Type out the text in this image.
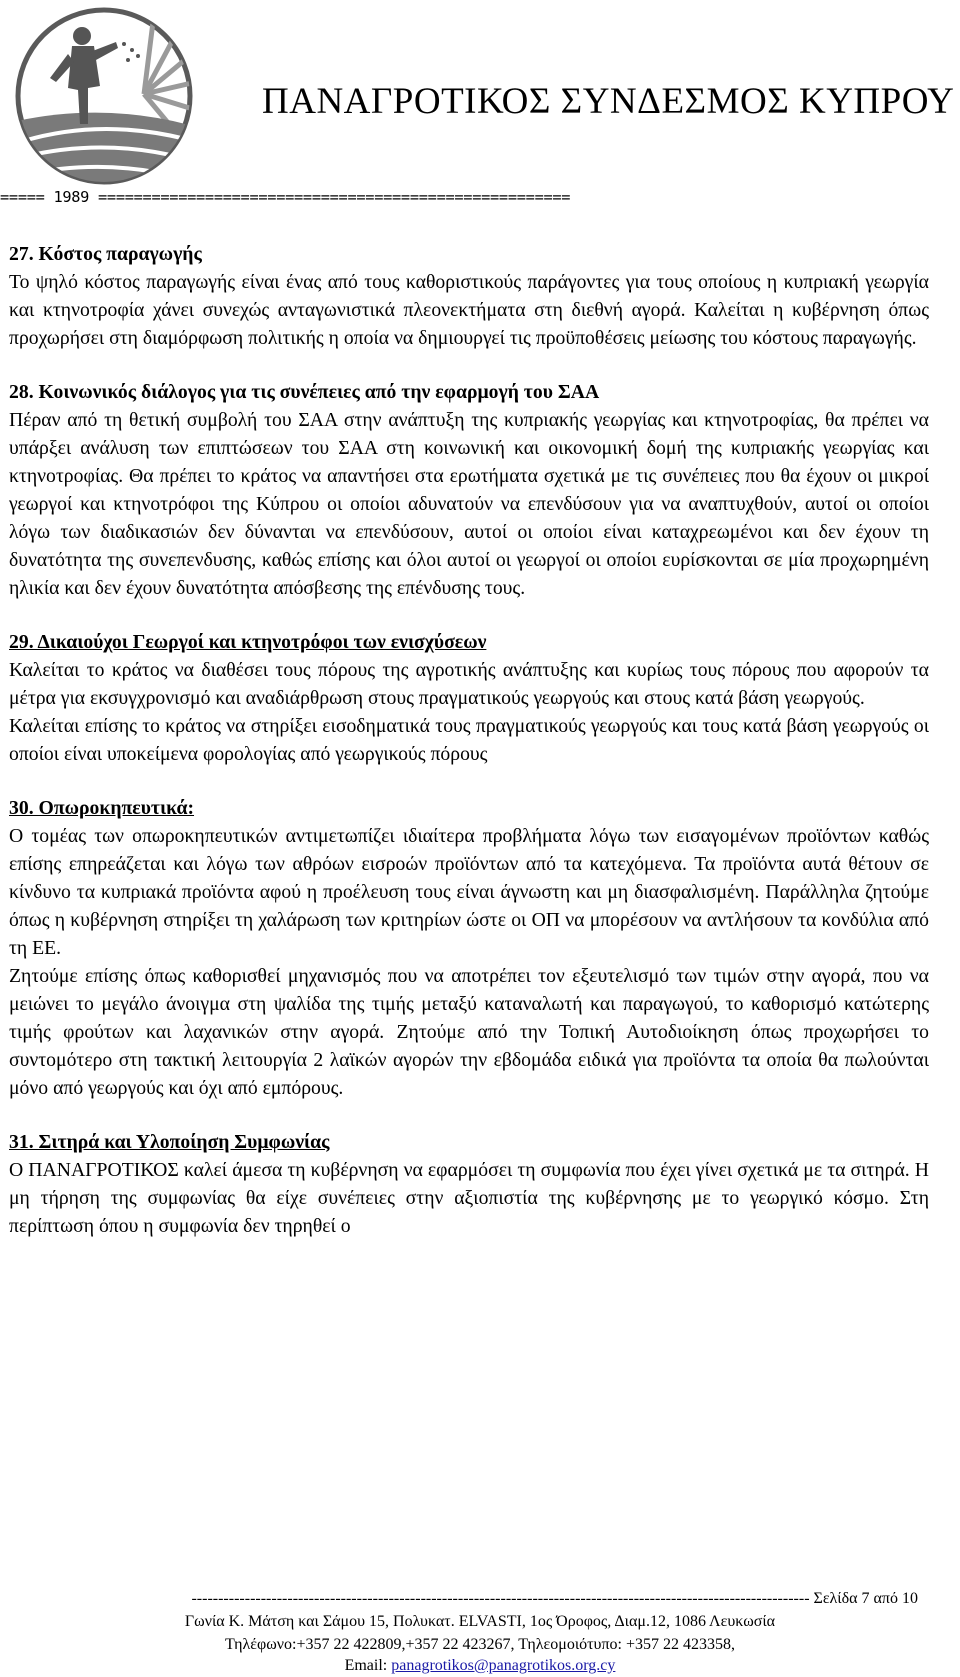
ΠΑΝΑΓΡΟΤΙΚΟΣ ΣΥΝΔΕΣΜΟΣ ΚΥΠΡΟΥ
===== 1989 =====================================================
27. Κόστος παραγωγής

Το ψηλό κόστος παραγωγής είναι ένας από τους καθοριστικούς παράγοντες για τους οποίους η κυπριακή γεωργία και κτηνοτροφία χάνει συνεχώς ανταγωνιστικά πλεονεκτήματα στη διεθνή αγορά. Καλείται η κυβέρνηση όπως προχωρήσει στη διαμόρφωση πολιτικής η οποία να δημιουργεί τις προϋποθέσεις μείωσης του κόστους παραγωγής.

28. Κοινωνικός διάλογος για τις συνέπειες από την εφαρμογή του ΣΑΑ

Πέραν από τη θετική συμβολή του ΣΑΑ στην ανάπτυξη της κυπριακής γεωργίας και κτηνοτροφίας, θα πρέπει να υπάρξει ανάλυση των επιπτώσεων του ΣΑΑ στη κοινωνική και οικονομική δομή της κυπριακής γεωργίας και κτηνοτροφίας. Θα πρέπει το κράτος να απαντήσει στα ερωτήματα σχετικά με τις συνέπειες που θα έχουν οι μικροί γεωργοί και κτηνοτρόφοι της Κύπρου οι οποίοι αδυνατούν να επενδύσουν για να αναπτυχθούν, αυτοί οι οποίοι λόγω των διαδικασιών δεν δύνανται να επενδύσουν, αυτοί οι οποίοι είναι καταχρεωμένοι και δεν έχουν τη δυνατότητα της συνεπενδυσης, καθώς επίσης και όλοι αυτοί οι γεωργοί οι οποίοι ευρίσκονται σε μία προχωρημένη ηλικία και δεν έχουν δυνατότητα απόσβεσης της επένδυσης τους.

29. Δικαιούχοι Γεωργοί και κτηνοτρόφοι των ενισχύσεων

Καλείται το κράτος να διαθέσει τους πόρους της αγροτικής ανάπτυξης και κυρίως τους πόρους που αφορούν τα μέτρα για εκσυγχρονισμό και αναδιάρθρωση στους πραγματικούς γεωργούς και στους κατά βάση γεωργούς.

Καλείται επίσης το κράτος να στηρίξει εισοδηματικά τους πραγματικούς γεωργούς και τους κατά βάση γεωργούς οι οποίοι είναι υποκείμενα φορολογίας από γεωργικούς πόρους

30. Οπωροκηπευτικά:

Ο τομέας των οπωροκηπευτικών αντιμετωπίζει ιδιαίτερα προβλήματα λόγω των εισαγομένων προϊόντων καθώς επίσης επηρεάζεται και λόγω των αθρόων εισροών προϊόντων από τα κατεχόμενα. Τα προϊόντα αυτά θέτουν σε κίνδυνο τα κυπριακά προϊόντα αφού η προέλευση τους είναι άγνωστη και μη διασφαλισμένη. Παράλληλα ζητούμε όπως η κυβέρνηση στηρίξει τη χαλάρωση των κριτηρίων ώστε οι ΟΠ να μπορέσουν να αντλήσουν τα κονδύλια από τη ΕΕ.

Ζητούμε επίσης όπως καθορισθεί μηχανισμός που να αποτρέπει τον εξευτελισμό των τιμών στην αγορά, που να μειώνει το μεγάλο άνοιγμα στη ψαλίδα της τιμής μεταξύ καταναλωτή και παραγωγού, το καθορισμό κατώτερης τιμής φρούτων και λαχανικών στην αγορά. Ζητούμε από την Τοπική Αυτοδιοίκηση όπως προχωρήσει το συντομότερο στη τακτική λειτουργία 2 λαϊκών αγορών την εβδομάδα ειδικά για προϊόντα τα οποία θα πωλούνται μόνο από γεωργούς και όχι από εμπόρους.

31. Σιτηρά και Υλοποίηση Συμφωνίας

Ο ΠΑΝΑΓΡΟΤΙΚΟΣ καλεί άμεσα τη κυβέρνηση να εφαρμόσει τη συμφωνία που έχει γίνει σχετικά με τα σιτηρά. Η μη τήρηση της συμφωνίας θα είχε συνέπειες στην αξιοπιστία της κυβέρνησης με το γεωργικό κόσμο. Στη περίπτωση όπου η συμφωνία δεν τηρηθεί ο

-------------------------------------------------------------------------------------------------------------------- Σελίδα 7 από 10
Γωνία Κ. Μάτση και Σάμου 15, Πολυκατ. ELVASTI, 1ος Όροφος, Διαμ.12, 1086 Λευκωσία
Τηλέφωνο:+357 22 422809,+357 22 423267, Τηλεομοιότυπο: +357 22 423358,
Email: panagrotikos@panagrotikos.org.cy
